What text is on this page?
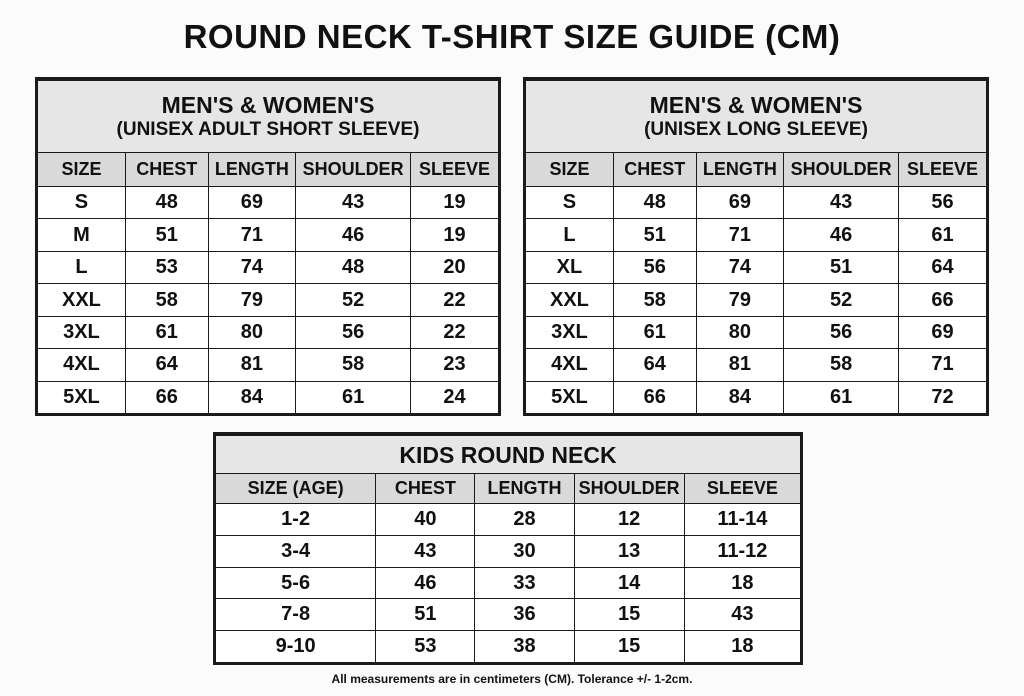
ROUND NECK T-SHIRT SIZE GUIDE (CM)
MEN'S & WOMEN'S
(UNISEX ADULT SHORT SLEEVE)				

SIZE	CHEST	LENGTH	SHOULDER	SLEEVE
S	48	69	43	19
M	51	71	46	19
L	53	74	48	20
XXL	58	79	52	22
3XL	61	80	56	22
4XL	64	81	58	23
5XL	66	84	61	24
MEN'S & WOMEN'S
(UNISEX LONG SLEEVE)				

SIZE	CHEST	LENGTH	SHOULDER	SLEEVE
S	48	69	43	56
L	51	71	46	61
XL	56	74	51	64
XXL	58	79	52	66
3XL	61	80	56	69
4XL	64	81	58	71
5XL	66	84	61	72
KIDS ROUND NECK				

SIZE (AGE)	CHEST	LENGTH	SHOULDER	SLEEVE
1-2	40	28	12	11-14
3-4	43	30	13	11-12
5-6	46	33	14	18
7-8	51	36	15	43
9-10	53	38	15	18
All measurements are in centimeters (CM). Tolerance +/- 1-2cm.
